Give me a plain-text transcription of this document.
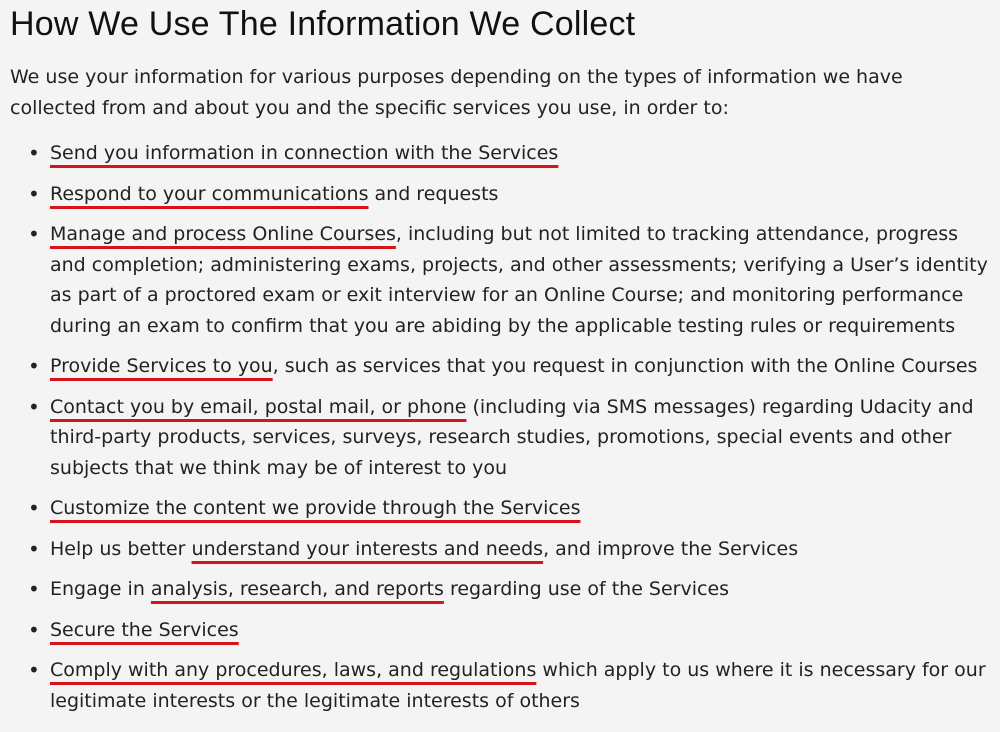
How We Use The Information We Collect

We use your information for various purposes depending on the types of information we have collected from and about you and the specific services you use, in order to:

• Send you information in connection with the Services
• Respond to your communications and requests
• Manage and process Online Courses, including but not limited to tracking attendance, progress and completion; administering exams, projects, and other assessments; verifying a User’s identity as part of a proctored exam or exit interview for an Online Course; and monitoring performance during an exam to confirm that you are abiding by the applicable testing rules or requirements
• Provide Services to you, such as services that you request in conjunction with the Online Courses
• Contact you by email, postal mail, or phone (including via SMS messages) regarding Udacity and third-party products, services, surveys, research studies, promotions, special events and other subjects that we think may be of interest to you
• Customize the content we provide through the Services
• Help us better understand your interests and needs, and improve the Services
• Engage in analysis, research, and reports regarding use of the Services
• Secure the Services
• Comply with any procedures, laws, and regulations which apply to us where it is necessary for our legitimate interests or the legitimate interests of others
